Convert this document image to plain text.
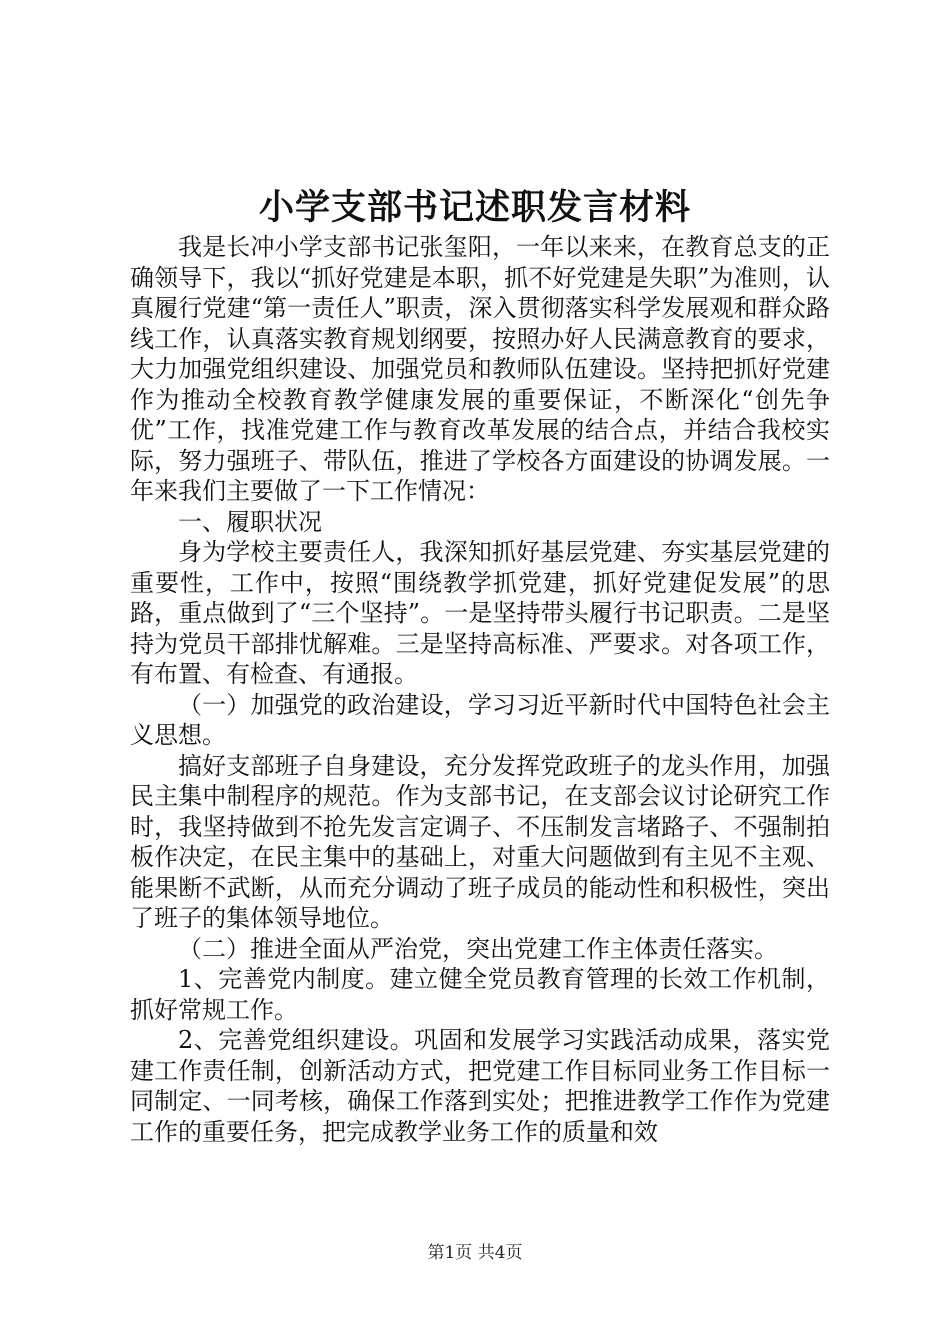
小学支部书记述职发言材料

我是长冲小学支部书记张玺阳，一年以来来，在教育总支的正确领导下，我以“抓好党建是本职，抓不好党建是失职”为准则，认真履行党建“第一责任人”职责，深入贯彻落实科学发展观和群众路线工作，认真落实教育规划纲要，按照办好人民满意教育的要求，大力加强党组织建设、加强党员和教师队伍建设。坚持把抓好党建作为推动全校教育教学健康发展的重要保证，不断深化“创先争优”工作，找准党建工作与教育改革发展的结合点，并结合我校实际，努力强班子、带队伍，推进了学校各方面建设的协调发展。一年来我们主要做了一下工作情况：

一、履职状况

身为学校主要责任人，我深知抓好基层党建、夯实基层党建的重要性，工作中，按照“围绕教学抓党建，抓好党建促发展”的思路，重点做到了“三个坚持”。一是坚持带头履行书记职责。二是坚持为党员干部排忧解难。三是坚持高标准、严要求。对各项工作，有布置、有检查、有通报。

（一）加强党的政治建设，学习习近平新时代中国特色社会主义思想。

搞好支部班子自身建设，充分发挥党政班子的龙头作用，加强民主集中制程序的规范。作为支部书记，在支部会议讨论研究工作时，我坚持做到不抢先发言定调子、不压制发言堵路子、不强制拍板作决定，在民主集中的基础上，对重大问题做到有主见不主观、能果断不武断，从而充分调动了班子成员的能动性和积极性，突出了班子的集体领导地位。

（二）推进全面从严治党，突出党建工作主体责任落实。

1、完善党内制度。建立健全党员教育管理的长效工作机制，抓好常规工作。

2、完善党组织建设。巩固和发展学习实践活动成果，落实党建工作责任制，创新活动方式，把党建工作目标同业务工作目标一同制定、一同考核，确保工作落到实处；把推进教学工作作为党建工作的重要任务，把完成教学业务工作的质量和效

第1页 共4页
